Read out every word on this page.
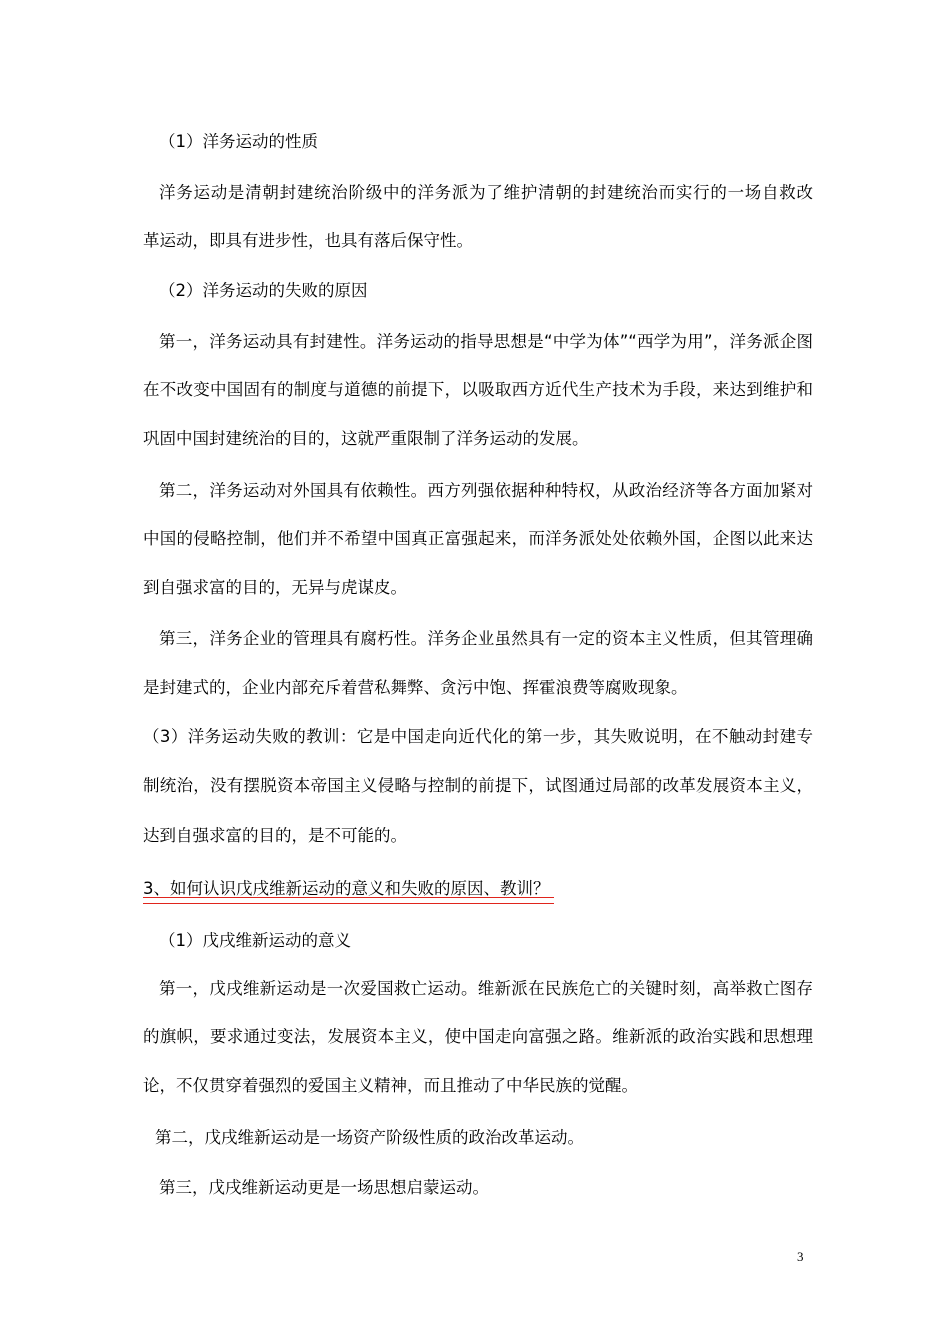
（1）洋务运动的性质
洋务运动是清朝封建统治阶级中的洋务派为了维护清朝的封建统治而实行的一场自救改
革运动，即具有进步性，也具有落后保守性。
（2）洋务运动的失败的原因
第一，洋务运动具有封建性。洋务运动的指导思想是“中学为体”“西学为用”，洋务派企图
在不改变中国固有的制度与道德的前提下，以吸取西方近代生产技术为手段，来达到维护和
巩固中国封建统治的目的，这就严重限制了洋务运动的发展。
第二，洋务运动对外国具有依赖性。西方列强依据种种特权，从政治经济等各方面加紧对
中国的侵略控制，他们并不希望中国真正富强起来，而洋务派处处依赖外国，企图以此来达
到自强求富的目的，无异与虎谋皮。
第三，洋务企业的管理具有腐朽性。洋务企业虽然具有一定的资本主义性质，但其管理确
是封建式的，企业内部充斥着营私舞弊、贪污中饱、挥霍浪费等腐败现象。
（3）洋务运动失败的教训：它是中国走向近代化的第一步，其失败说明，在不触动封建专
制统治，没有摆脱资本帝国主义侵略与控制的前提下，试图通过局部的改革发展资本主义，
达到自强求富的目的，是不可能的。
3、如何认识戊戌维新运动的意义和失败的原因、教训？
（1）戊戌维新运动的意义
第一，戊戌维新运动是一次爱国救亡运动。维新派在民族危亡的关键时刻，高举救亡图存
的旗帜，要求通过变法，发展资本主义，使中国走向富强之路。维新派的政治实践和思想理
论，不仅贯穿着强烈的爱国主义精神，而且推动了中华民族的觉醒。
第二，戊戌维新运动是一场资产阶级性质的政治改革运动。
第三，戊戌维新运动更是一场思想启蒙运动。
3
